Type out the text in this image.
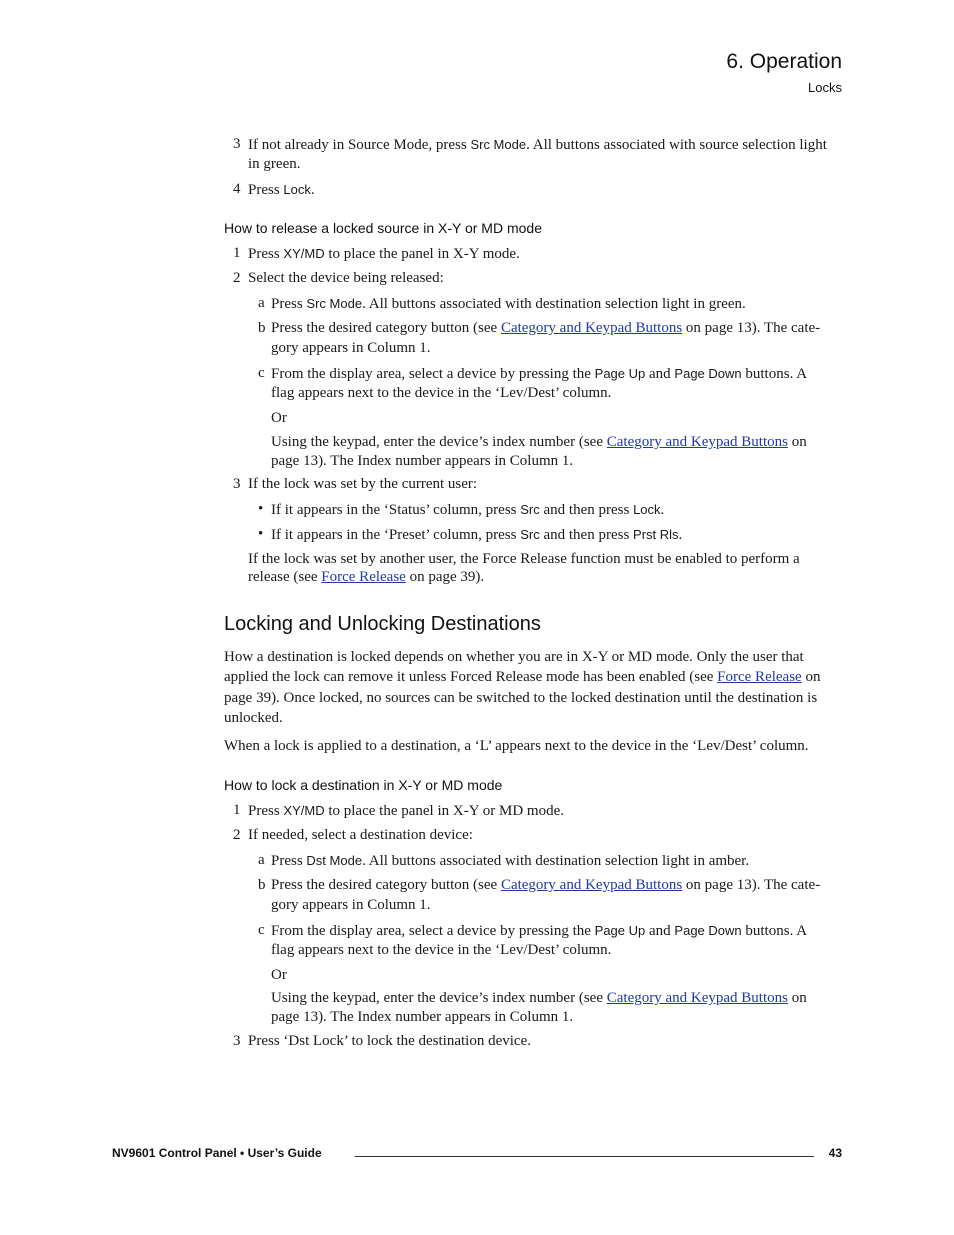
6. Operation
Locks
3 If not already in Source Mode, press Src Mode. All buttons associated with source selection light
in green.
4 Press Lock.
How to release a locked source in X-Y or MD mode
1 Press XY/MD to place the panel in X-Y mode.
2 Select the device being released:
a Press Src Mode. All buttons associated with destination selection light in green.
b Press the desired category button (see Category and Keypad Buttons on page 13). The cate-
gory appears in Column 1.
c From the display area, select a device by pressing the Page Up and Page Down buttons. A
flag appears next to the device in the ‘Lev/Dest’ column.
Or
Using the keypad, enter the device’s index number (see Category and Keypad Buttons on
page 13). The Index number appears in Column 1.
3 If the lock was set by the current user:
• If it appears in the ‘Status’ column, press Src and then press Lock.
• If it appears in the ‘Preset’ column, press Src and then press Prst Rls.
If the lock was set by another user, the Force Release function must be enabled to perform a
release (see Force Release on page 39).
Locking and Unlocking Destinations
How a destination is locked depends on whether you are in X-Y or MD mode. Only the user that
applied the lock can remove it unless Forced Release mode has been enabled (see Force Release on
page 39). Once locked, no sources can be switched to the locked destination until the destination is
unlocked.
When a lock is applied to a destination, a ‘L’ appears next to the device in the ‘Lev/Dest’ column.
How to lock a destination in X-Y or MD mode
1 Press XY/MD to place the panel in X-Y or MD mode.
2 If needed, select a destination device:
a Press Dst Mode. All buttons associated with destination selection light in amber.
b Press the desired category button (see Category and Keypad Buttons on page 13). The cate-
gory appears in Column 1.
c From the display area, select a device by pressing the Page Up and Page Down buttons. A
flag appears next to the device in the ‘Lev/Dest’ column.
Or
Using the keypad, enter the device’s index number (see Category and Keypad Buttons on
page 13). The Index number appears in Column 1.
3 Press ‘Dst Lock’ to lock the destination device.
NV9601 Control Panel • User’s Guide	43
